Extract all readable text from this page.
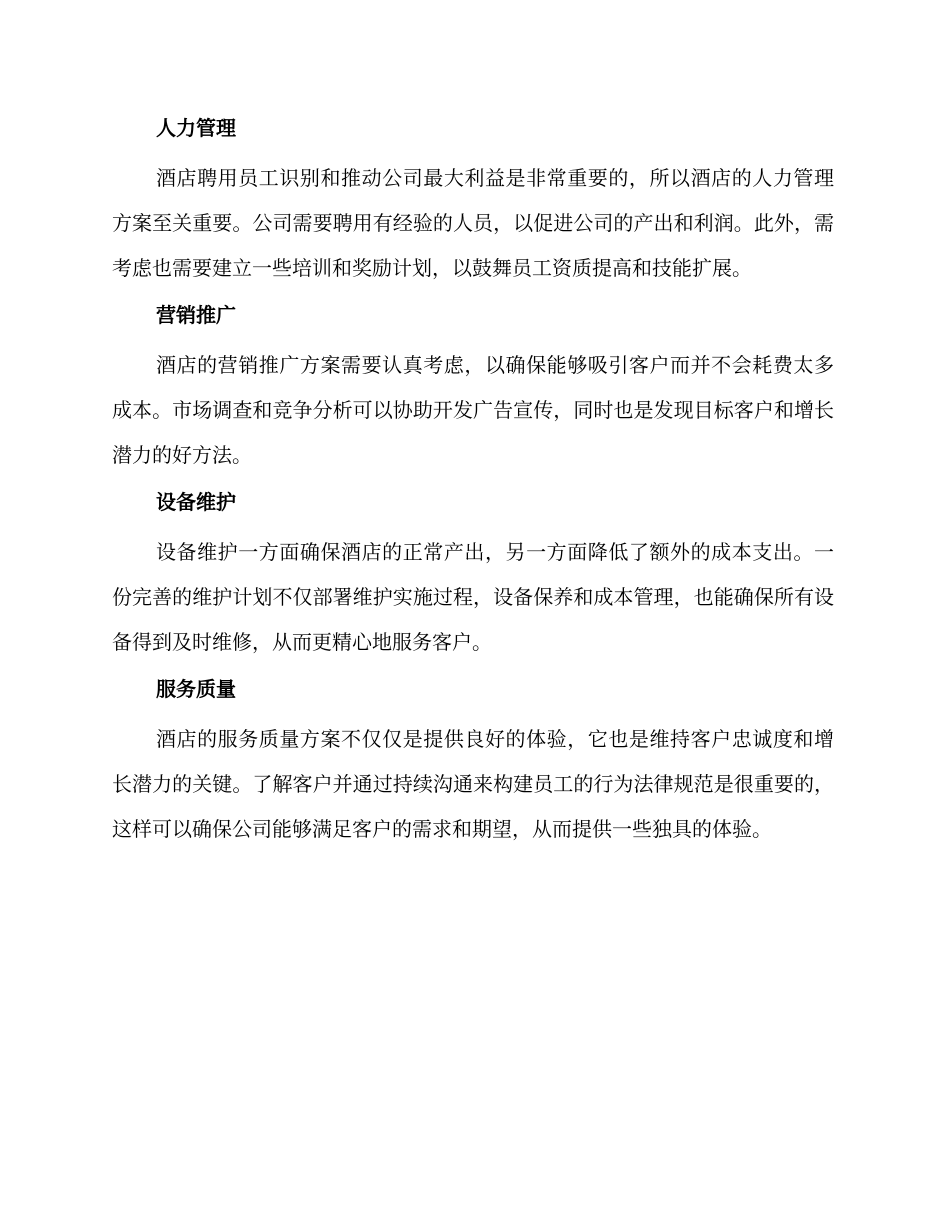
人力管理

酒店聘用员工识别和推动公司最大利益是非常重要的，所以酒店的人力管理方案至关重要。公司需要聘用有经验的人员，以促进公司的产出和利润。此外，需考虑也需要建立一些培训和奖励计划，以鼓舞员工资质提高和技能扩展。

营销推广

酒店的营销推广方案需要认真考虑，以确保能够吸引客户而并不会耗费太多成本。市场调查和竞争分析可以协助开发广告宣传，同时也是发现目标客户和增长潜力的好方法。

设备维护

设备维护一方面确保酒店的正常产出，另一方面降低了额外的成本支出。一份完善的维护计划不仅部署维护实施过程，设备保养和成本管理，也能确保所有设备得到及时维修，从而更精心地服务客户。

服务质量

酒店的服务质量方案不仅仅是提供良好的体验，它也是维持客户忠诚度和增长潜力的关键。了解客户并通过持续沟通来构建员工的行为法律规范是很重要的，这样可以确保公司能够满足客户的需求和期望，从而提供一些独具的体验。
